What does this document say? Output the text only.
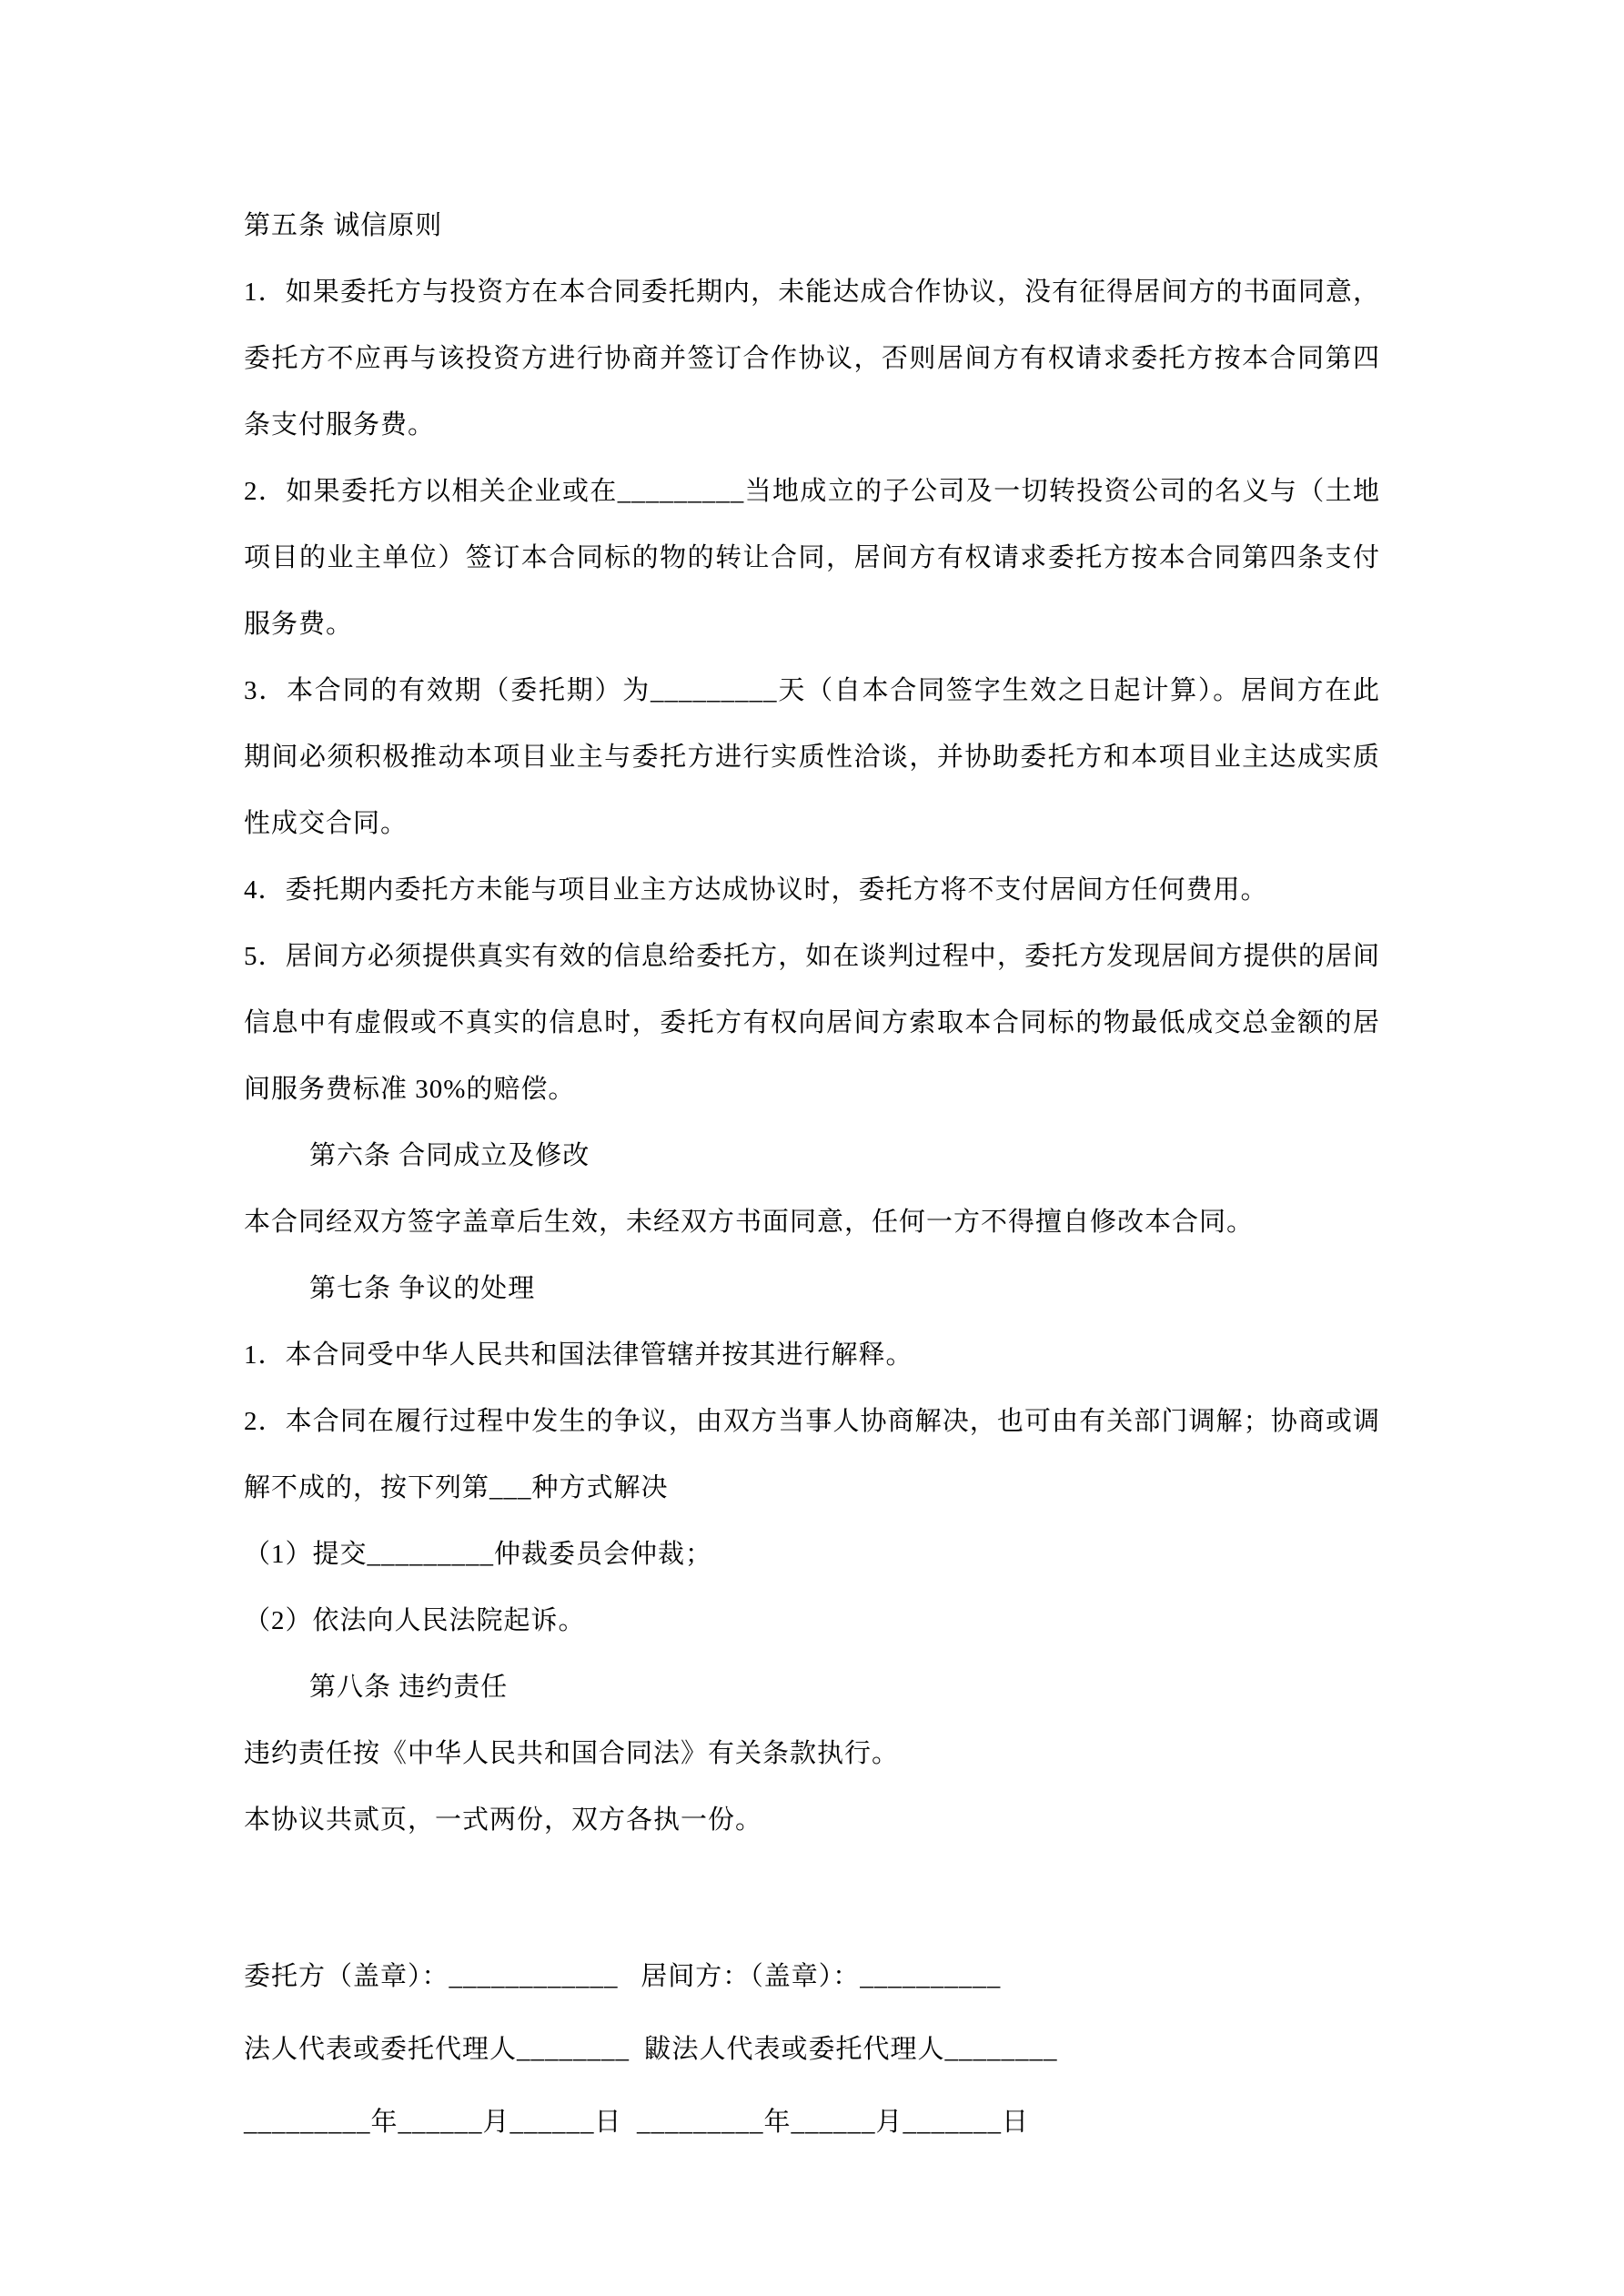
第五条 诚信原则

1．如果委托方与投资方在本合同委托期内，未能达成合作协议，没有征得居间方的书面同意，委托方不应再与该投资方进行协商并签订合作协议，否则居间方有权请求委托方按本合同第四条支付服务费。

2．如果委托方以相关企业或在_________当地成立的子公司及一切转投资公司的名义与（土地项目的业主单位）签订本合同标的物的转让合同，居间方有权请求委托方按本合同第四条支付服务费。

3．本合同的有效期（委托期）为_________天（自本合同签字生效之日起计算）。居间方在此期间必须积极推动本项目业主与委托方进行实质性洽谈，并协助委托方和本项目业主达成实质性成交合同。

4．委托期内委托方未能与项目业主方达成协议时，委托方将不支付居间方任何费用。

5．居间方必须提供真实有效的信息给委托方，如在谈判过程中，委托方发现居间方提供的居间信息中有虚假或不真实的信息时，委托方有权向居间方索取本合同标的物最低成交总金额的居间服务费标准 30%的赔偿。

第六条 合同成立及修改

本合同经双方签字盖章后生效，未经双方书面同意，任何一方不得擅自修改本合同。

第七条 争议的处理

1．本合同受中华人民共和国法律管辖并按其进行解释。

2．本合同在履行过程中发生的争议，由双方当事人协商解决，也可由有关部门调解；协商或调解不成的，按下列第___种方式解决

（1）提交_________仲裁委员会仲裁；

（2）依法向人民法院起诉。

第八条 违约责任

违约责任按《中华人民共和国合同法》有关条款执行。

本协议共贰页，一式两份，双方各执一份。

委托方（盖章）：____________   居间方：（盖章）：__________

法人代表或委托代理人________  鼥法人代表或委托代理人________

_________年______月______日  _________年______月_______日
